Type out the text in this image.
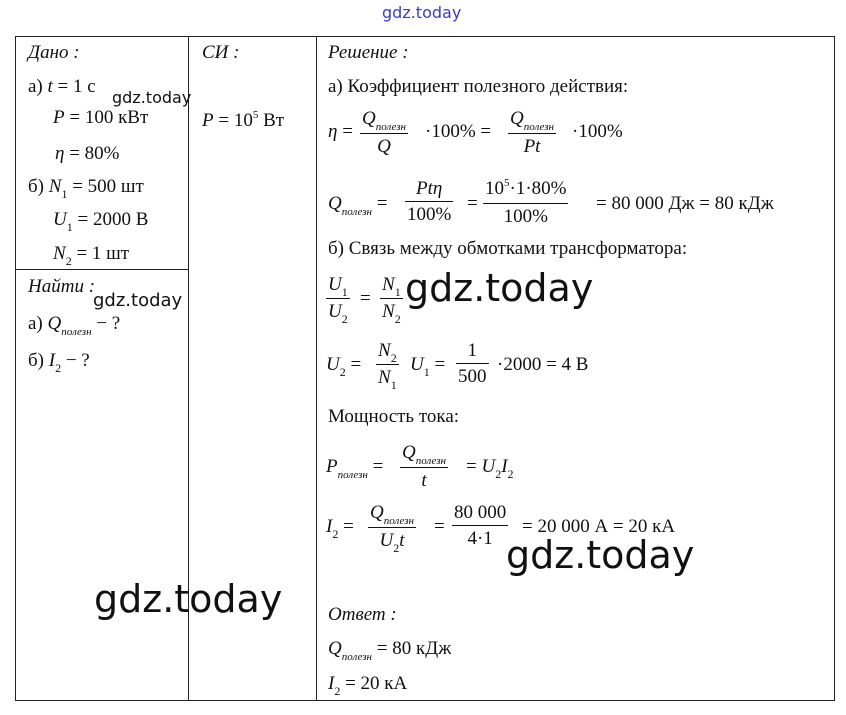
gdz.today
Дано :
а) t = 1 с
P = 100 кВт
η = 80%
б) $N_1 = 500$ шт
$U_1 = 2000$ В
$N_2 = 1$ шт
gdz.today
Найти :
gdz.today
а) $Q_{полезн}$ − ?
б) $I_2$ − ?
СИ :
$P = 10^5$ Вт
Решение :
а) Коэффициент полезного действия:
η =
$Q_{полезн}$
Q
·100% =
$Q_{полезн}$
Pt
·100%
$Q_{полезн}$ =
Ptη
100%
=
$10^5\cdot 1\cdot 80\%$
100%
= 80 000 Дж = 80 кДж
б) Связь между обмотками трансформатора:
$U_1$
$U_2$
=
$N_1$
$N_2$
gdz.today
$U_2$ =
$N_2$
$N_1$
$U_1$ =
1
500
·2000 = 4 В
Мощность тока:
$P_{полезн}$ =
$Q_{полезн}$
t
= $U_2I_2$
$I_2$ =
$Q_{полезн}$
$U_2t$
=
80 000
4·1
= 20 000 А = 20 кА
gdz.today
gdz.today Ответ :
$Q_{полезн} = 80$ кДж
$I_2 = 20$ кА
